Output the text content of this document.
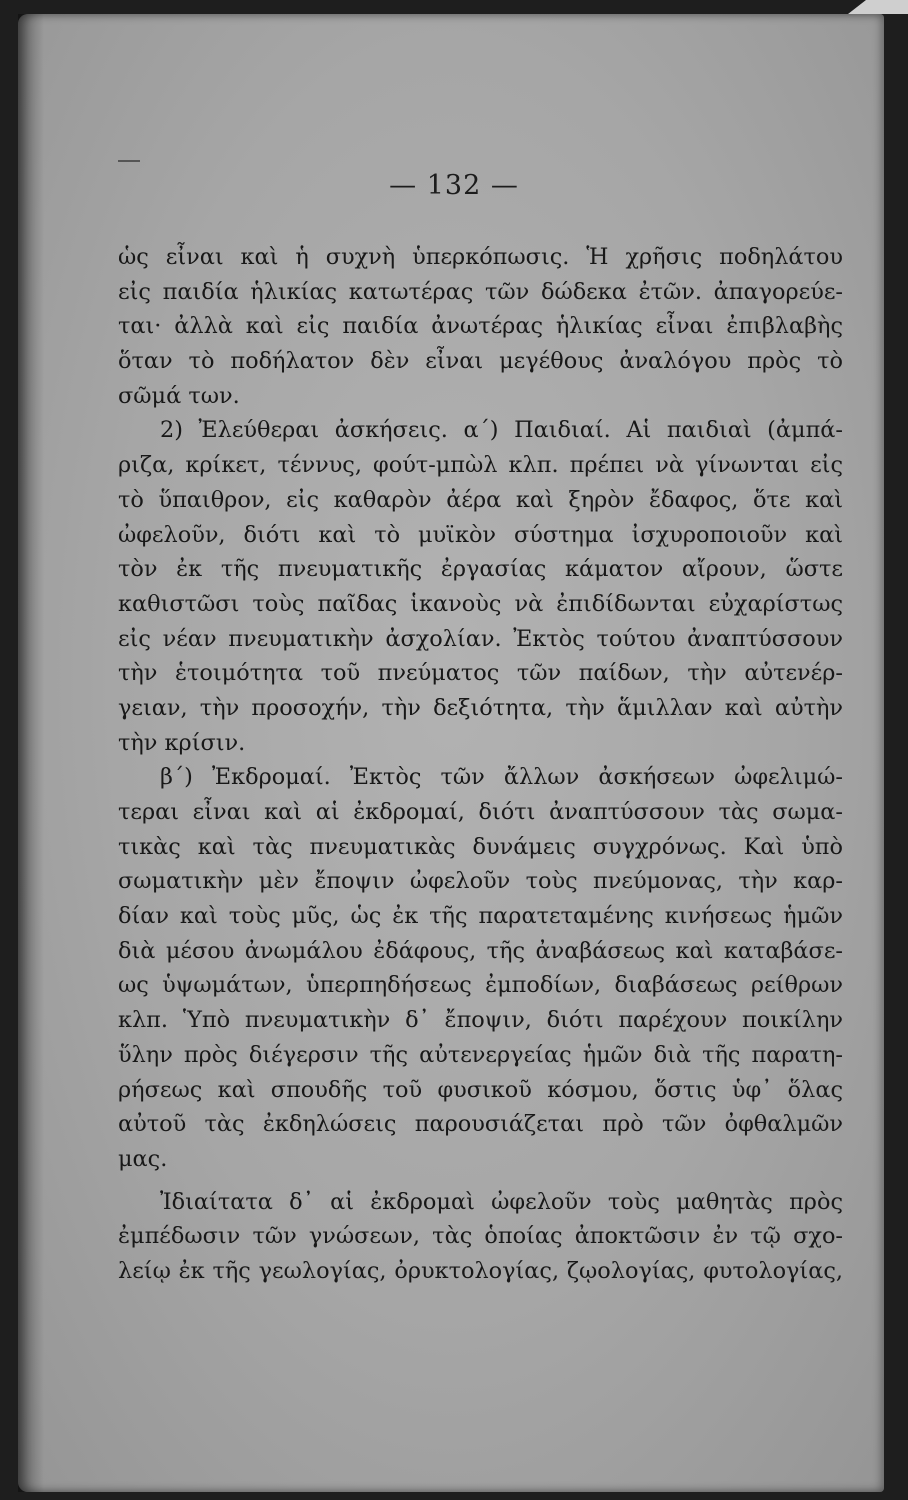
— 132 —
ὡς εἶναι καὶ ἡ συχνὴ ὑπερκόπωσις. Ἡ χρῆσις ποδηλάτου
εἰς παιδία ἡλικίας κατωτέρας τῶν δώδεκα ἐτῶν. ἀπαγορεύε-
ται· ἀλλὰ καὶ εἰς παιδία ἀνωτέρας ἡλικίας εἶναι ἐπιβλαβὴς
ὅταν τὸ ποδήλατον δὲν εἶναι μεγέθους ἀναλόγου πρὸς τὸ
σῶμά των.
2) Ἐλεύθεραι ἀσκήσεις. α΄) Παιδιαί. Αἱ παιδιαὶ (ἀμπά-
ριζα, κρίκετ, τέννυς, φούτ-μπὼλ κλπ. πρέπει νὰ γίνωνται εἰς
τὸ ὕπαιθρον, εἰς καθαρὸν ἀέρα καὶ ξηρὸν ἔδαφος, ὅτε καὶ
ὠφελοῦν, διότι καὶ τὸ μυϊκὸν σύστημα ἰσχυροποιοῦν καὶ
τὸν ἐκ τῆς πνευματικῆς ἐργασίας κάματον αἴρουν, ὥστε
καθιστῶσι τοὺς παῖδας ἱκανοὺς νὰ ἐπιδίδωνται εὐχαρίστως
εἰς νέαν πνευματικὴν ἀσχολίαν. Ἐκτὸς τούτου ἀναπτύσσουν
τὴν ἑτοιμότητα τοῦ πνεύματος τῶν παίδων, τὴν αὐτενέρ-
γειαν, τὴν προσοχήν, τὴν δεξιότητα, τὴν ἅμιλλαν καὶ αὐτὴν
τὴν κρίσιν.
β΄) Ἐκδρομαί. Ἐκτὸς τῶν ἄλλων ἀσκήσεων ὠφελιμώ-
τεραι εἶναι καὶ αἱ ἐκδρομαί, διότι ἀναπτύσσουν τὰς σωμα-
τικὰς καὶ τὰς πνευματικὰς δυνάμεις συγχρόνως. Καὶ ὑπὸ
σωματικὴν μὲν ἔποψιν ὠφελοῦν τοὺς πνεύμονας, τὴν καρ-
δίαν καὶ τοὺς μῦς, ὡς ἐκ τῆς παρατεταμένης κινήσεως ἡμῶν
διὰ μέσου ἀνωμάλου ἐδάφους, τῆς ἀναβάσεως καὶ καταβάσε-
ως ὑψωμάτων, ὑπερπηδήσεως ἐμποδίων, διαβάσεως ρείθρων
κλπ. Ὑπὸ πνευματικὴν δ᾽ ἔποψιν, διότι παρέχουν ποικίλην
ὕλην πρὸς διέγερσιν τῆς αὐτενεργείας ἡμῶν διὰ τῆς παρατη-
ρήσεως καὶ σπουδῆς τοῦ φυσικοῦ κόσμου, ὅστις ὑφ᾽ ὅλας
αὐτοῦ τὰς ἐκδηλώσεις παρουσιάζεται πρὸ τῶν ὀφθαλμῶν
μας.
Ἰδιαίτατα δ᾽ αἱ ἐκδρομαὶ ὠφελοῦν τοὺς μαθητὰς πρὸς
ἐμπέδωσιν τῶν γνώσεων, τὰς ὁποίας ἀποκτῶσιν ἐν τῷ σχο-
λείῳ ἐκ τῆς γεωλογίας, ὀρυκτολογίας, ζῳολογίας, φυτολογίας,
